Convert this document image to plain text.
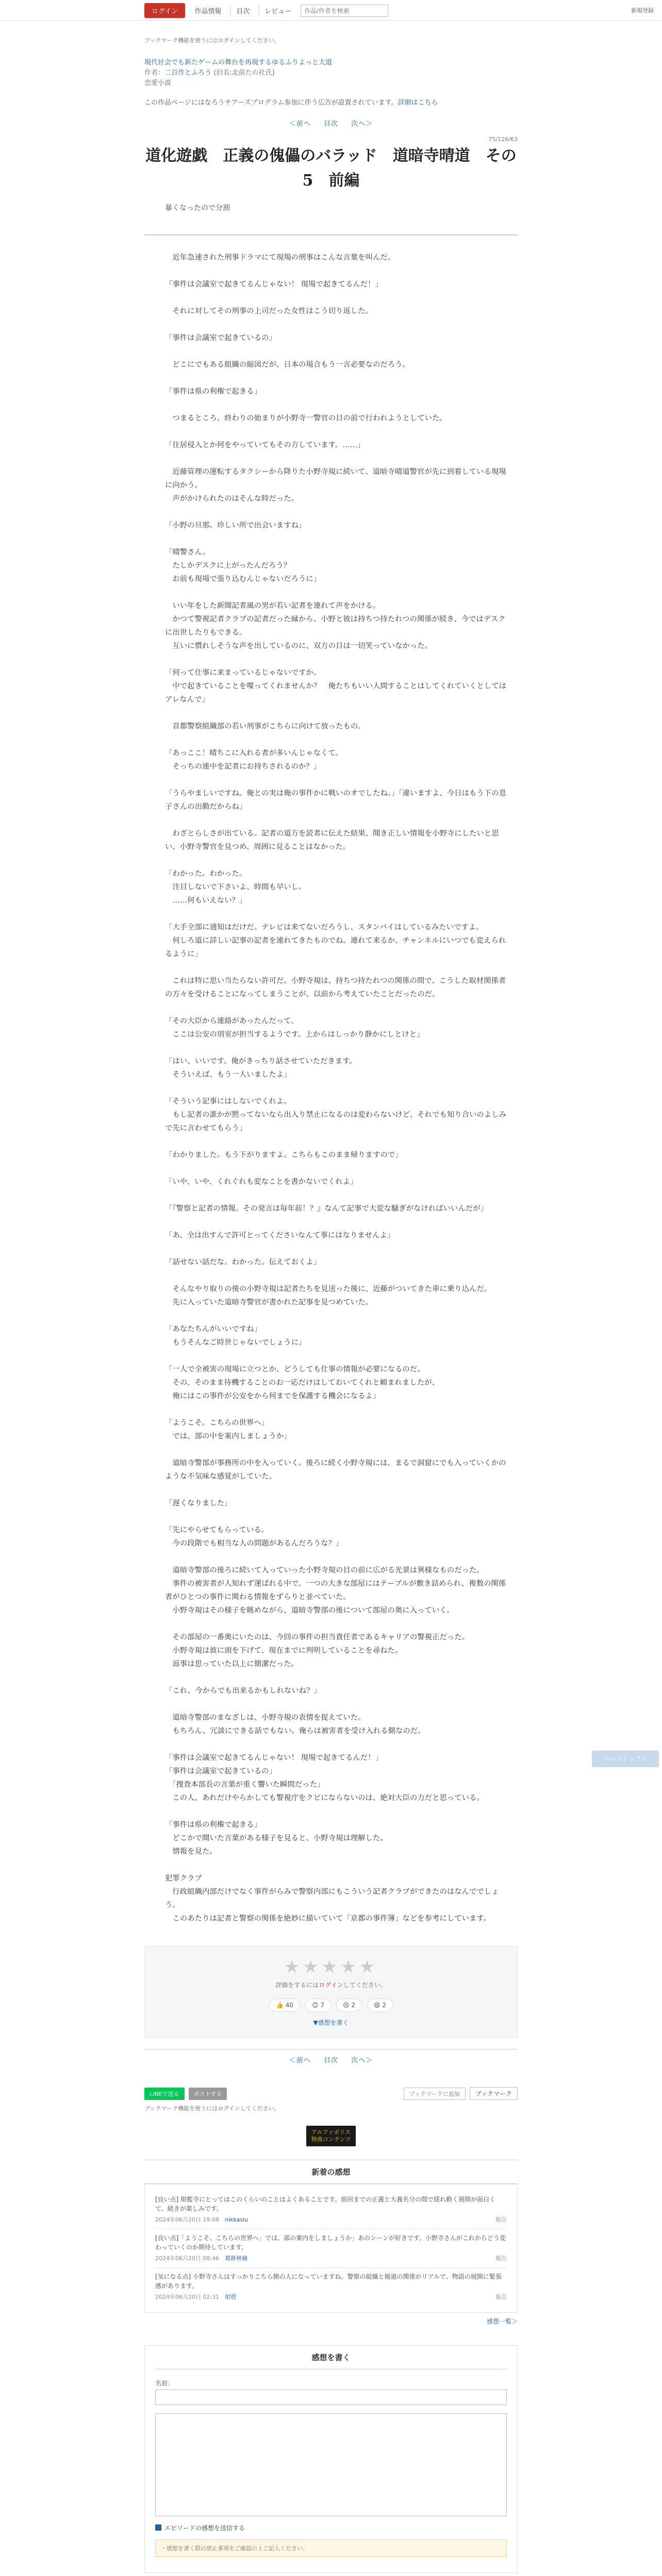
ログイン	作品情報	目次	レビュー
作品/作者を検索	新規登録
ブックマーク機能を使うにはログインしてください。
現代社会でも新たゲームの舞台を再現するゆるふりよっと大道
作者：二百作とふろう (旧名:北前たの社氏)
恋愛小説
この作品ページにはなろうチアーズプログラム参加に伴う広告が設置されています。詳細はこちら
＜前へ 目次 次へ＞
75/126/63
道化遊戯　正義の傀儡のバラッド　道暗寺晴道　その5　前編
暴くなったので分割

　近年急速された刑事ドラマにて現場の刑事はこんな言葉を叫んだ。

「事件は会議室で起きてるんじゃない！ 現場で起きてるんだ！」

　それに対してその刑事の上司だった女性はこう切り返した。

「事件は会議室で起きているの」

　どこにでもある組織の縮図だが、日本の場合もう一言必要なのだろう。

「事件は県の利権で起きる」

　つまるところ、終わりの始まりが小野寺一警官の目の前で行われようとしていた。

「住居侵入とか何をやっていてもその方しています。……」

　近藤管理の運転するタクシーから降りた小野寺規に続いて、道暗寺晴道警官が先に到着している現場に向かう。
　声がかけられたのはそんな時だった。

「小野の旦那。珍しい所で出会いますね」

「晴警さん。
　たしかデスクに上がったんだろう？
　お前も現場で張り込むんじゃないだろうに」

　いい年をした新聞記者風の男が若い記者を連れて声をかける。
　かつて警視記者クラブの記者だった縁から、小野と彼は持ちつ持たれつの関係が続き、今ではデスクに出世したりもできる。
　互いに慣れしそうな声を出しているのに、双方の目は一切笑っていなかった。

「何って仕事に来まっているじゃないですか。
　中で起きていることを喋ってくれませんか？　俺たちもいい人間することはしてくれていくとしてはアレなんで」

　首都警察組織部の若い刑事がこちらに向けて放ったもの。

「あっここ！晴ちこに入れる者が多いんじゃなくて。
　そっちの連中を記者にお持ちされるのか？」

「うらやましいですね。俺との実は俺の事件かに戦いのオでしたね。」「違いますよ、今日はもう下の息子さんの出勤だからね」

　わざとらしさが出ている。記者の道方を読者に伝えた結果、聞き正しい情報を小野寺にしたいと思い、小野寺警官を見つめ、周囲に見ることはなかった。

「わかった。わかった。
　注目しないで下さいよ、時間も早いし。
　……何もいえない？」

「大手全部に通知はだけだ。テレビは来てないだろうし、スタンバイはしているみたいですよ。
　何しろ道に詳しい記事の記者を連れてきたものでね。連れて来るか、チャンネルにいつでも変えられるように」

　これは特に思い当たらない許可だ。小野寺規は、持ちつ持たれつの関係の間で、こうした取材関係者の方々を受けることになってしまうことが、以前から考えていたことだったのだ。

「その大臣から連絡があったんだって。
　ここは公安の別室が担当するようです。上からはしっかり静かにしとけと」

「はい、いいです。俺がきっちり話させていただきます。
　そういえば、もう一人いましたよ」

「そういう記事にはしないでくれよ。
　もし記者の誰かが黙ってないなら出入り禁止になるのは変わらないけど、それでも知り合いのよしみで先に言わせてもらう」

「わかりました。もう下がりますよ。こちらもこのまま帰りますので」

「いや、いや、くれぐれも変なことを書かないでくれよ」

「『警察と記者の情報。その発言は毎年前！？』なんて記事で大変な騒ぎがなければいいんだが」

「あ、全は出すんで許可とってくださいなんて事にはなりませんよ」

「話せない話だな。わかった。伝えておくよ」

　そんなやり取りの後の小野寺規は記者たちを見送った後に、近藤がついてきた車に乗り込んだ。
　先に入っていた道暗寺警官が書かれた記事を見つめていた。

「あなたちんがいいですね」
　もうそんなご時世じゃないでしょうに」

「一人で全被害の現場に立つとか、どうしても仕事の情報が必要になるのだ。
　その、そのまま待機することのお一応だけはしておいてくれと頼まれましたが、
　俺にはこの事件が公安をから何までを保護する機会になるよ」

「ようこそ。こちらの世界へ」
　では、部の中を案内しましょうか」

　道暗寺警部が事務所の中を入っていく。後ろに続く小野寺規には、まるで洞窟にでも入っていくかのような不気味な感覚がしていた。

「遅くなりました」

「先にやらせてもらっている。
　今の段階でも相当な人の問題があるんだろうな？」

　道暗寺警部の後ろに続いて入っていった小野寺規の目の前に広がる光景は異様なものだった。
　事件の被害者が人知れず運ばれる中で、一つの大きな部屋にはテーブルが敷き詰められ、複数の関係者がひとつの事件に関わる情報をずらりと並べていた。
　小野寺規はその様子を眺めながら、道暗寺警部の後について部屋の奥に入っていく。

　その部屋の一番奥にいたのは、今回の事件の担当責任者であるキャリアの警視正だった。
　小野寺規は彼に頭を下げて、現在までに判明していることを尋ねた。
　返事は思っていた以上に簡潔だった。

「これ、今からでも出来るかもしれないね？」

　道暗寺警部のまなざしは、小野寺規の表情を捉えていた。
　もちろん、冗談にできる話でもない。俺らは被害者を受け入れる側なのだ。

「事件は会議室で起きてるんじゃない！ 現場で起きてるんだ！」
「事件は会議室で起きているの」
　「捜査本部長の言葉が重く響いた瞬間だった」
　この人、あれだけやらかしても警視庁をクビにならないのは、絶対大臣の力だと思っている。

「事件は県の利権で起きる」
　どこかで聞いた言葉がある様子を見ると、小野寺規は理解した。
　情報を見た。

犯罪クラブ
　行政組織内部だけでなく事件がらみで警察内部にもこういう記者クラブができたのはなんででしょう。
　このあたりは記者と警察の関係を絶妙に描いていて「京都の事件簿」などを参考にしています。

★★★★★
評価をするにはログインしてください。
👍 40	😊 7	😢 2	😆 2
▼感想を書く
＜前へ 目次 次へ＞
LINEで送る	ポストする	ブックマークに追加	ブックマーク
ブックマーク機能を使うにはログインしてください。
アルファポリス
特典コンテンツ
新着の感想
[良い点] 紺藍寺にとってはこのくらいのことはよくあることです。前回までの正義と大義名分の間で揺れ動く展開が面白くて、続きが楽しみです。
2024年06月20日 19:08　 nikkasiu	報告
[良い点]「ようこそ、こちらの世界へ」では、部の案内をしましょうか」あのシーンが好きです。小野寺さんがこれからどう変わっていくのか期待しています。
2024年06月20日 08:46　 葛餅林檎	報告
[気になる点] 小野寺さんはすっかりこちら側の人になっていますね。警察の組織と報道の関係がリアルで、物語の展開に緊張感があります。
2024年06月20日 02:31　 紺碧	報告
感想一覧＞
感想を書く
名前：
エピソードの感想を送信する
・感想を書く際の禁止事項をご確認の上ご記入ください。
ページトップへ
